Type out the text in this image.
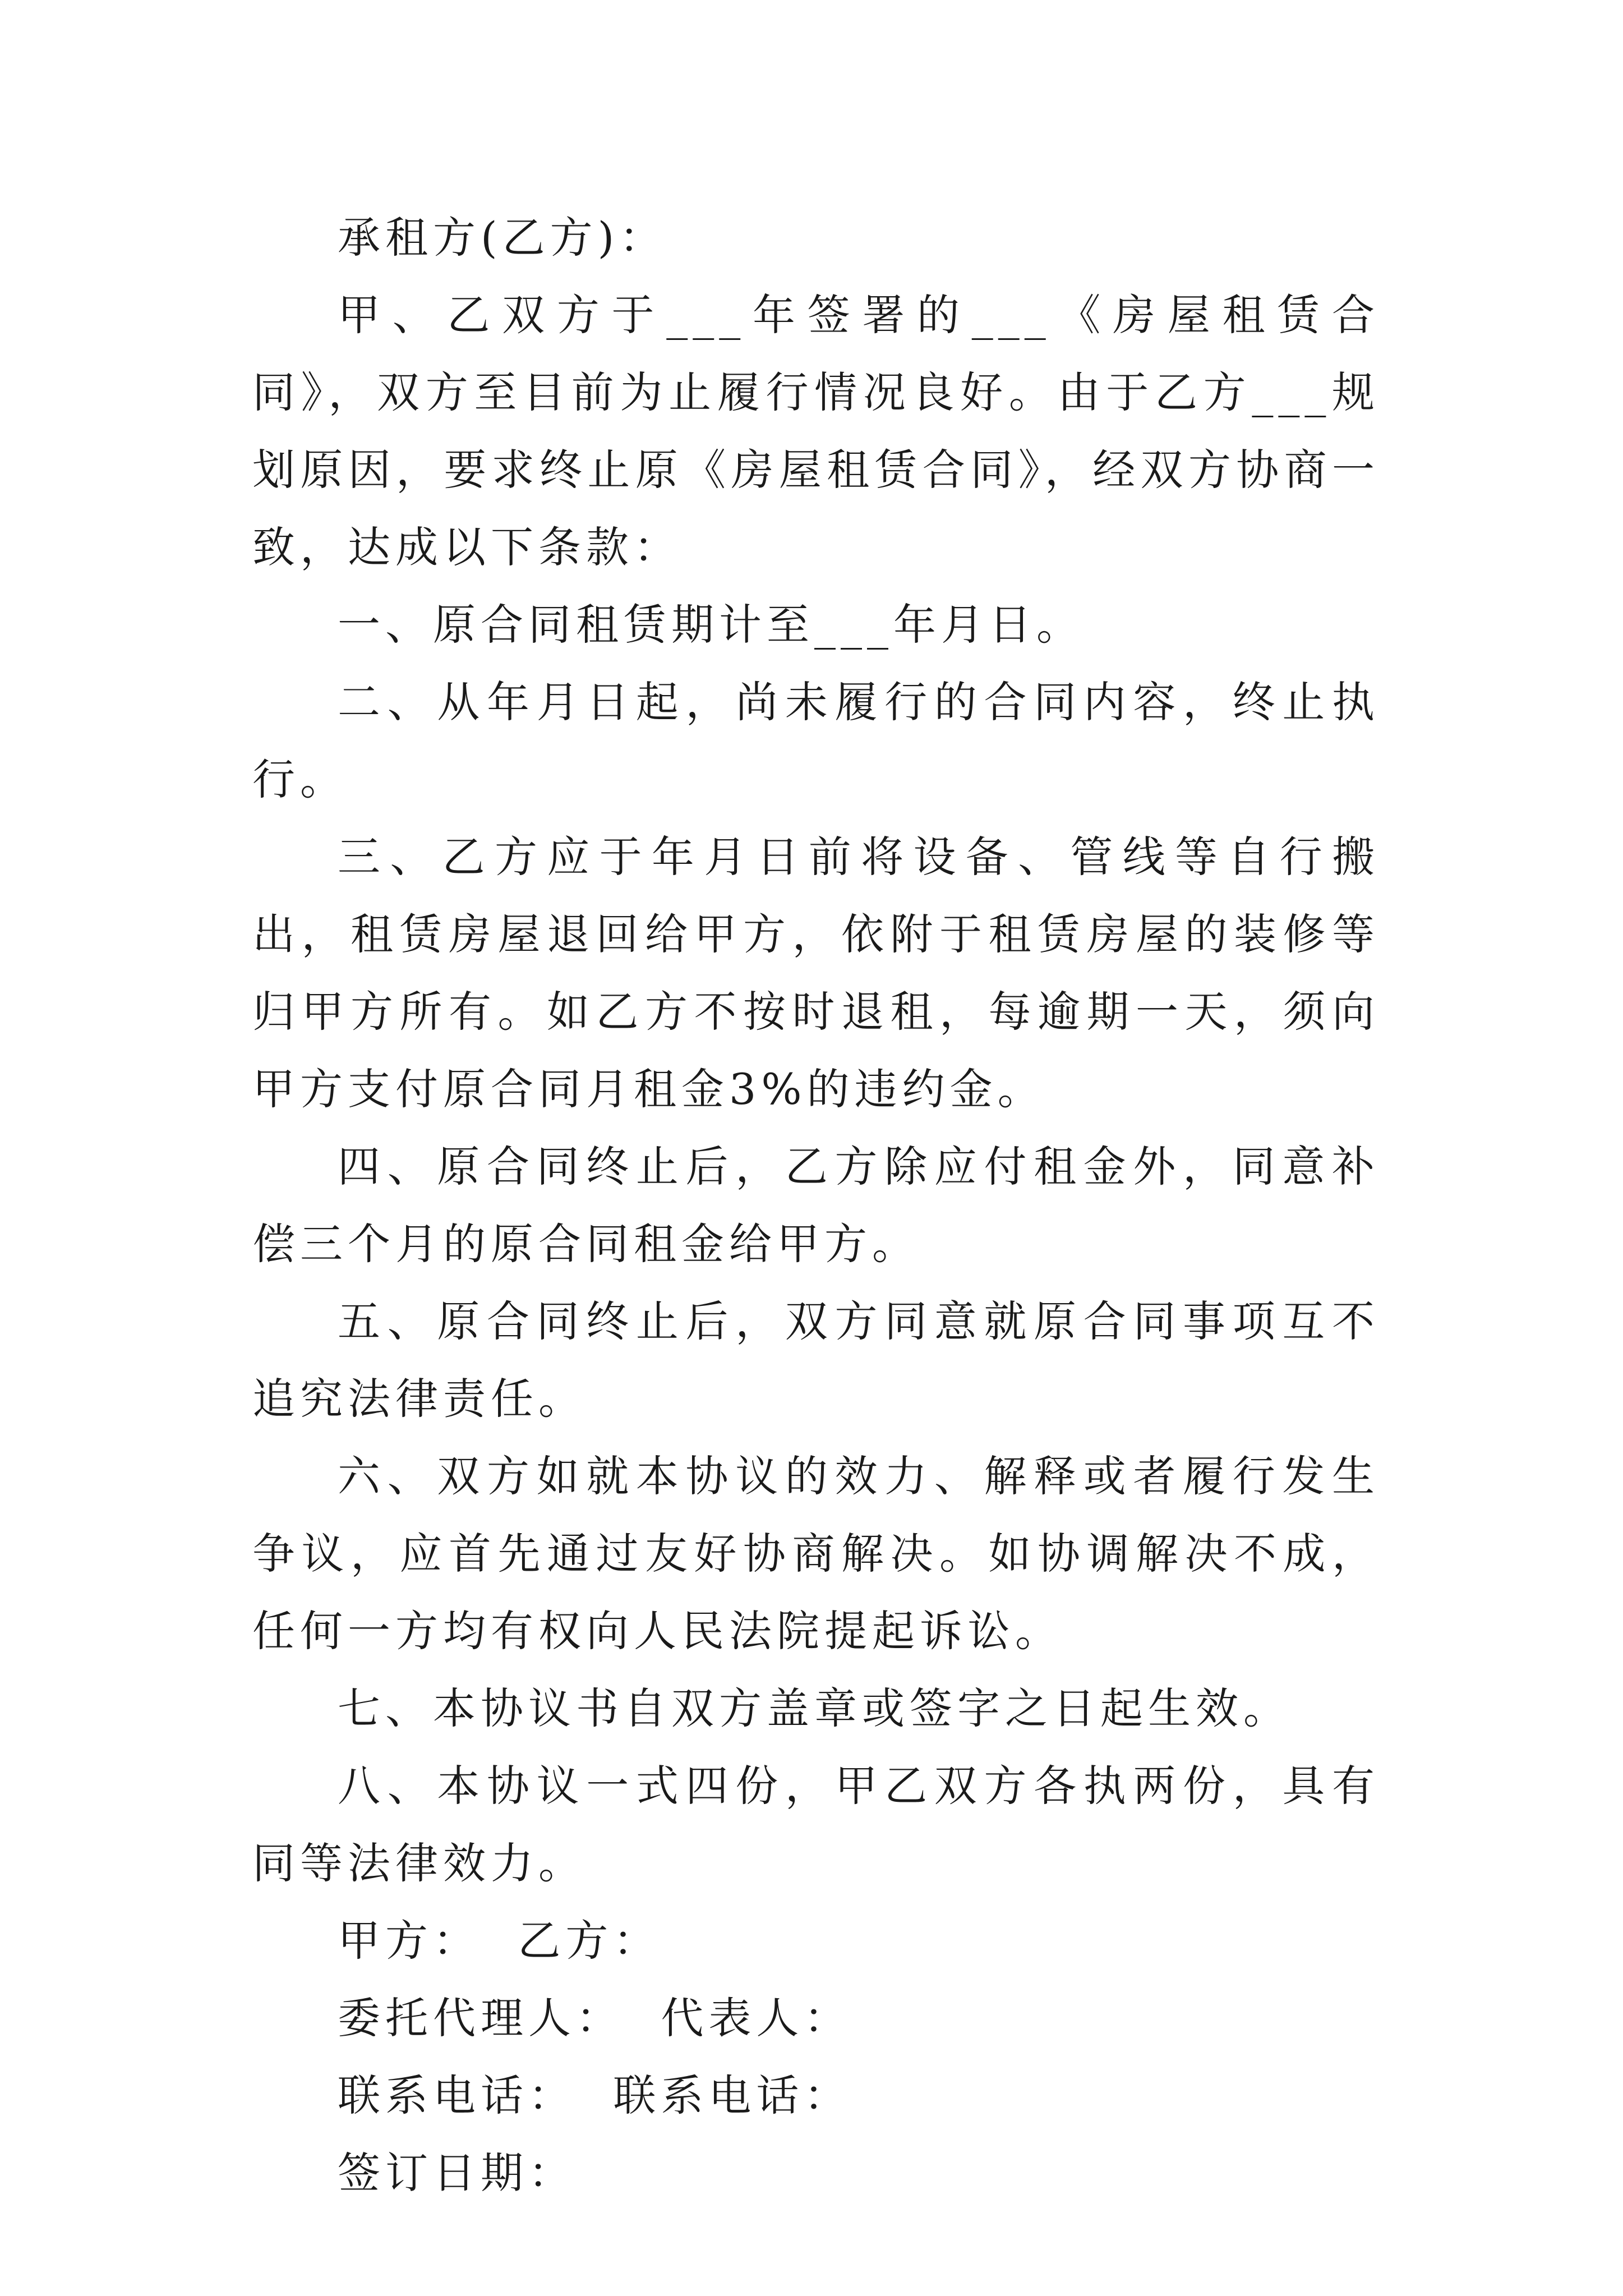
承租方(乙方)：

甲、乙双方于___年签署的___《房屋租赁合同》，双方至目前为止履行情况良好。由于乙方___规划原因，要求终止原《房屋租赁合同》，经双方协商一致，达成以下条款：

一、原合同租赁期计至___年月日。

二、从年月日起，尚未履行的合同内容，终止执行。

三、乙方应于年月日前将设备、管线等自行搬出，租赁房屋退回给甲方，依附于租赁房屋的装修等归甲方所有。如乙方不按时退租，每逾期一天，须向甲方支付原合同月租金3%的违约金。

四、原合同终止后，乙方除应付租金外，同意补偿三个月的原合同租金给甲方。

五、原合同终止后，双方同意就原合同事项互不追究法律责任。

六、双方如就本协议的效力、解释或者履行发生争议，应首先通过友好协商解决。如协调解决不成，任何一方均有权向人民法院提起诉讼。

七、本协议书自双方盖章或签字之日起生效。

八、本协议一式四份，甲乙双方各执两份，具有同等法律效力。

甲方：  乙方：

委托代理人：  代表人：

联系电话：  联系电话：

签订日期：
